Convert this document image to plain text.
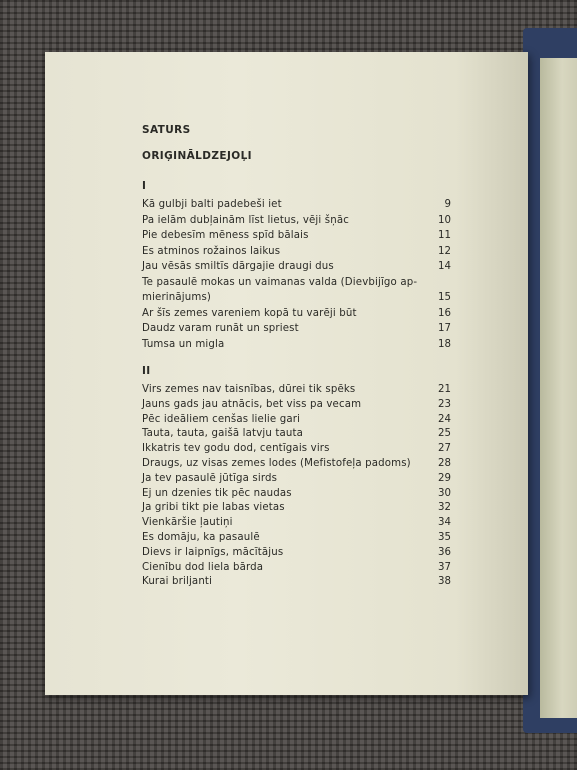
SATURS
ORIĢINĀLDZEJOĻI
I
Kā gulbji balti padebeši iet	9
Pa ielām dubļainām līst lietus, vēji šņāc	10
Pie debesīm mēness spīd bālais	11
Es atminos rožainos laikus	12
Jau vēsās smiltīs dārgajie draugi dus	14
Te pasaulē mokas un vaimanas valda (Dievbijīgo ap-
mierinājums)	15
Ar šīs zemes vareniem kopā tu varēji būt	16
Daudz varam runāt un spriest	17
Tumsa un migla	18
II
Virs zemes nav taisnības, dūrei tik spēks	21
Jauns gads jau atnācis, bet viss pa vecam	23
Pēc ideāliem cenšas lielie gari	24
Tauta, tauta, gaišā latvju tauta	25
Ikkatris tev godu dod, centīgais virs	27
Draugs, uz visas zemes lodes (Mefistofeļa padoms)	28
Ja tev pasaulē jūtīga sirds	29
Ej un dzenies tik pēc naudas	30
Ja gribi tikt pie labas vietas	32
Vienkāršie ļautiņi	34
Es domāju, ka pasaulē	35
Dievs ir laipnīgs, mācītājus	36
Cienību dod liela bārda	37
Kurai briljanti	38
